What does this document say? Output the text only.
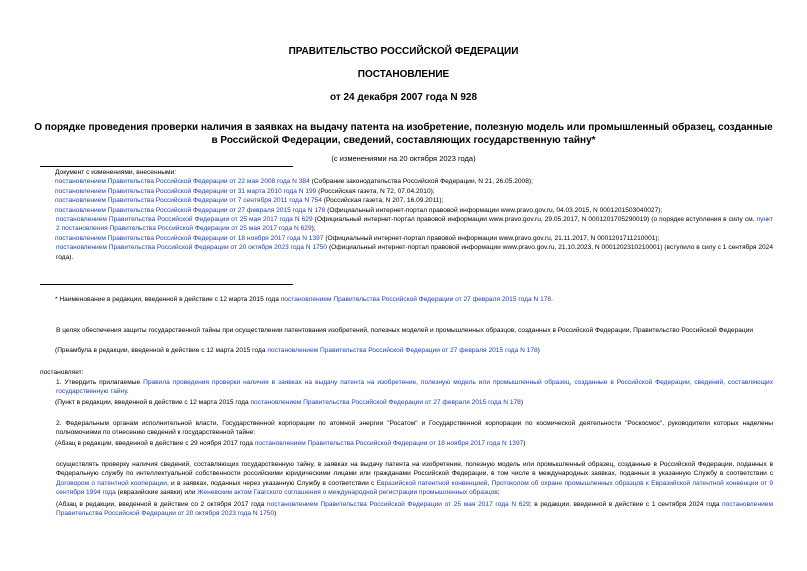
ПРАВИТЕЛЬСТВО РОССИЙСКОЙ ФЕДЕРАЦИИ
ПОСТАНОВЛЕНИЕ
от 24 декабря 2007 года N 928
О порядке проведения проверки наличия в заявках на выдачу патента на изобретение, полезную модель или промышленный образец, созданные в Российской Федерации, сведений, составляющих государственную тайну*
(с изменениями на 20 октября 2023 года)

Документ с изменениями, внесенными:

постановлением Правительства Российской Федерации от 22 мая 2008 года N 384 (Собрание законодательства Российской Федерации, N 21, 26.05.2008);

постановлением Правительства Российской Федерации от 31 марта 2010 года N 199 (Российская газета, N 72, 07.04.2010);

постановлением Правительства Российской Федерации от 7 сентября 2011 года N 754 (Российская газета, N 207, 16.09.2011);

постановлением Правительства Российской Федерации от 27 февраля 2015 года N 178 (Официальный интернет-портал правовой информации www.pravo.gov.ru, 04.03.2015, N 0001201503040027);

постановлением Правительства Российской Федерации от 25 мая 2017 года N 629 (Официальный интернет-портал правовой информации www.pravo.gov.ru, 29.05.2017, N 0001201705290019) (о порядке вступления в силу см. пункт 2 постановления Правительства Российской Федерации от 25 мая 2017 года N 629);

постановлением Правительства Российской Федерации от 18 ноября 2017 года N 1397 (Официальный интернет-портал правовой информации www.pravo.gov.ru, 21.11.2017, N 0001201711210001);

постановлением Правительства Российской Федерации от 20 октября 2023 года N 1750 (Официальный интернет-портал правовой информации www.pravo.gov.ru, 21.10.2023, N 0001202310210001) (вступило в силу с 1 сентября 2024 года).

* Наименование в редакции, введенной в действие с 12 марта 2015 года постановлением Правительства Российской Федерации от 27 февраля 2015 года N 178.

В целях обеспечения защиты государственной тайны при осуществлении патентования изобретений, полезных моделей и промышленных образцов, созданных в Российской Федерации, Правительство Российской Федерации

(Преамбула в редакции, введенной в действие с 12 марта 2015 года постановлением Правительства Российской Федерации от 27 февраля 2015 года N 178)

постановляет:

1. Утвердить прилагаемые Правила проведения проверки наличия в заявках на выдачу патента на изобретение, полезную модель или промышленный образец, созданные в Российской Федерации, сведений, составляющих государственную тайну.

(Пункт в редакции, введенной в действие с 12 марта 2015 года постановлением Правительства Российской Федерации от 27 февраля 2015 года N 178)

2. Федеральным органам исполнительной власти, Государственной корпорации по атомной энергии "Росатом" и Государственной корпорации по космической деятельности "Роскосмос", руководители которых наделены полномочиями по отнесению сведений к государственной тайне:

(Абзац в редакции, введенной в действие с 29 ноября 2017 года постановлением Правительства Российской Федерации от 18 ноября 2017 года N 1397)

осуществлять проверку наличия сведений, составляющих государственную тайну, в заявках на выдачу патента на изобретение, полезную модель или промышленный образец, созданные в Российской Федерации, поданных в Федеральную службу по интеллектуальной собственности российскими юридическими лицами или гражданами Российской Федерации, в том числе в международных заявках, поданных в указанную Службу в соответствии с Договором о патентной кооперации, и в заявках, поданных через указанную Службу в соответствии с Евразийской патентной конвенцией, Протоколом об охране промышленных образцов к Евразийской патентной конвенции от 9 сентября 1994 года (евразийские заявки) или Женевским актом Гаагского соглашения о международной регистрации промышленных образцов;

(Абзац в редакции, введенной в действие со 2 октября 2017 года постановлением Правительства Российской Федерации от 25 мая 2017 года N 629; в редакции, введенной в действие с 1 сентября 2024 года постановлением Правительства Российской Федерации от 20 октября 2023 года N 1750)
